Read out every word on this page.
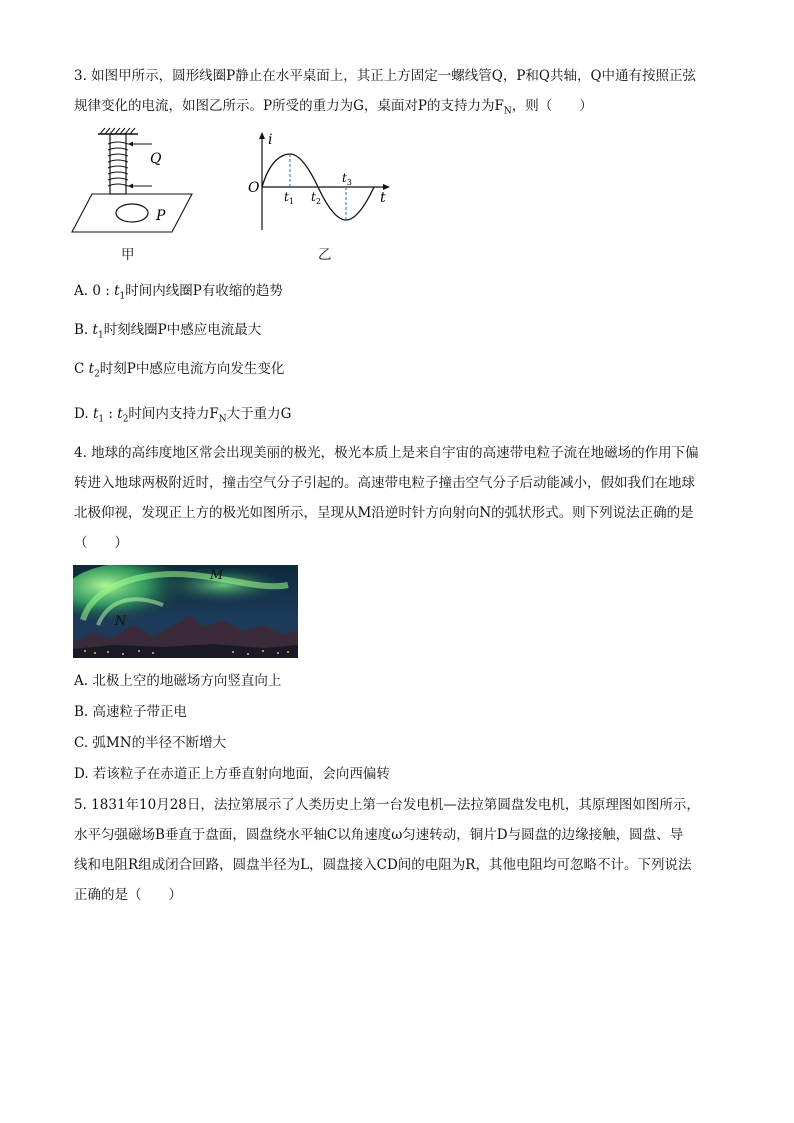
3. 如图甲所示，圆形线圈P静止在水平桌面上，其正上方固定一螺线管Q，P和Q共轴，Q中通有按照正弦
规律变化的电流，如图乙所示。P所受的重力为G，桌面对P的支持力为$F_N$，则（　　）
Q
P
甲
i
O
t
$t_1$ $t_2$
$t_3$
乙
A. 0 : $t_1$时间内线圈P有收缩的趋势
B. $t_1$时刻线圈P中感应电流最大
C $t_2$时刻P中感应电流方向发生变化
D. $t_1$ : $t_2$时间内支持力$F_N$大于重力G
4. 地球的高纬度地区常会出现美丽的极光，极光本质上是来自宇宙的高速带电粒子流在地磁场的作用下偏
转进入地球两极附近时，撞击空气分子引起的。高速带电粒子撞击空气分子后动能减小，假如我们在地球
北极仰视，发现正上方的极光如图所示，呈现从M沿逆时针方向射向N的弧状形式。则下列说法正确的是
（　　）
M
N
A. 北极上空的地磁场方向竖直向上
B. 高速粒子带正电
C. 弧MN的半径不断增大
D. 若该粒子在赤道正上方垂直射向地面，会向西偏转
5. 1831年10月28日，法拉第展示了人类历史上第一台发电机—法拉第圆盘发电机，其原理图如图所示，
水平匀强磁场B垂直于盘面，圆盘绕水平轴C以角速度ω匀速转动，铜片D与圆盘的边缘接触，圆盘、导
线和电阻R组成闭合回路，圆盘半径为L，圆盘接入CD间的电阻为R，其他电阻均可忽略不计。下列说法
正确的是（　　）
